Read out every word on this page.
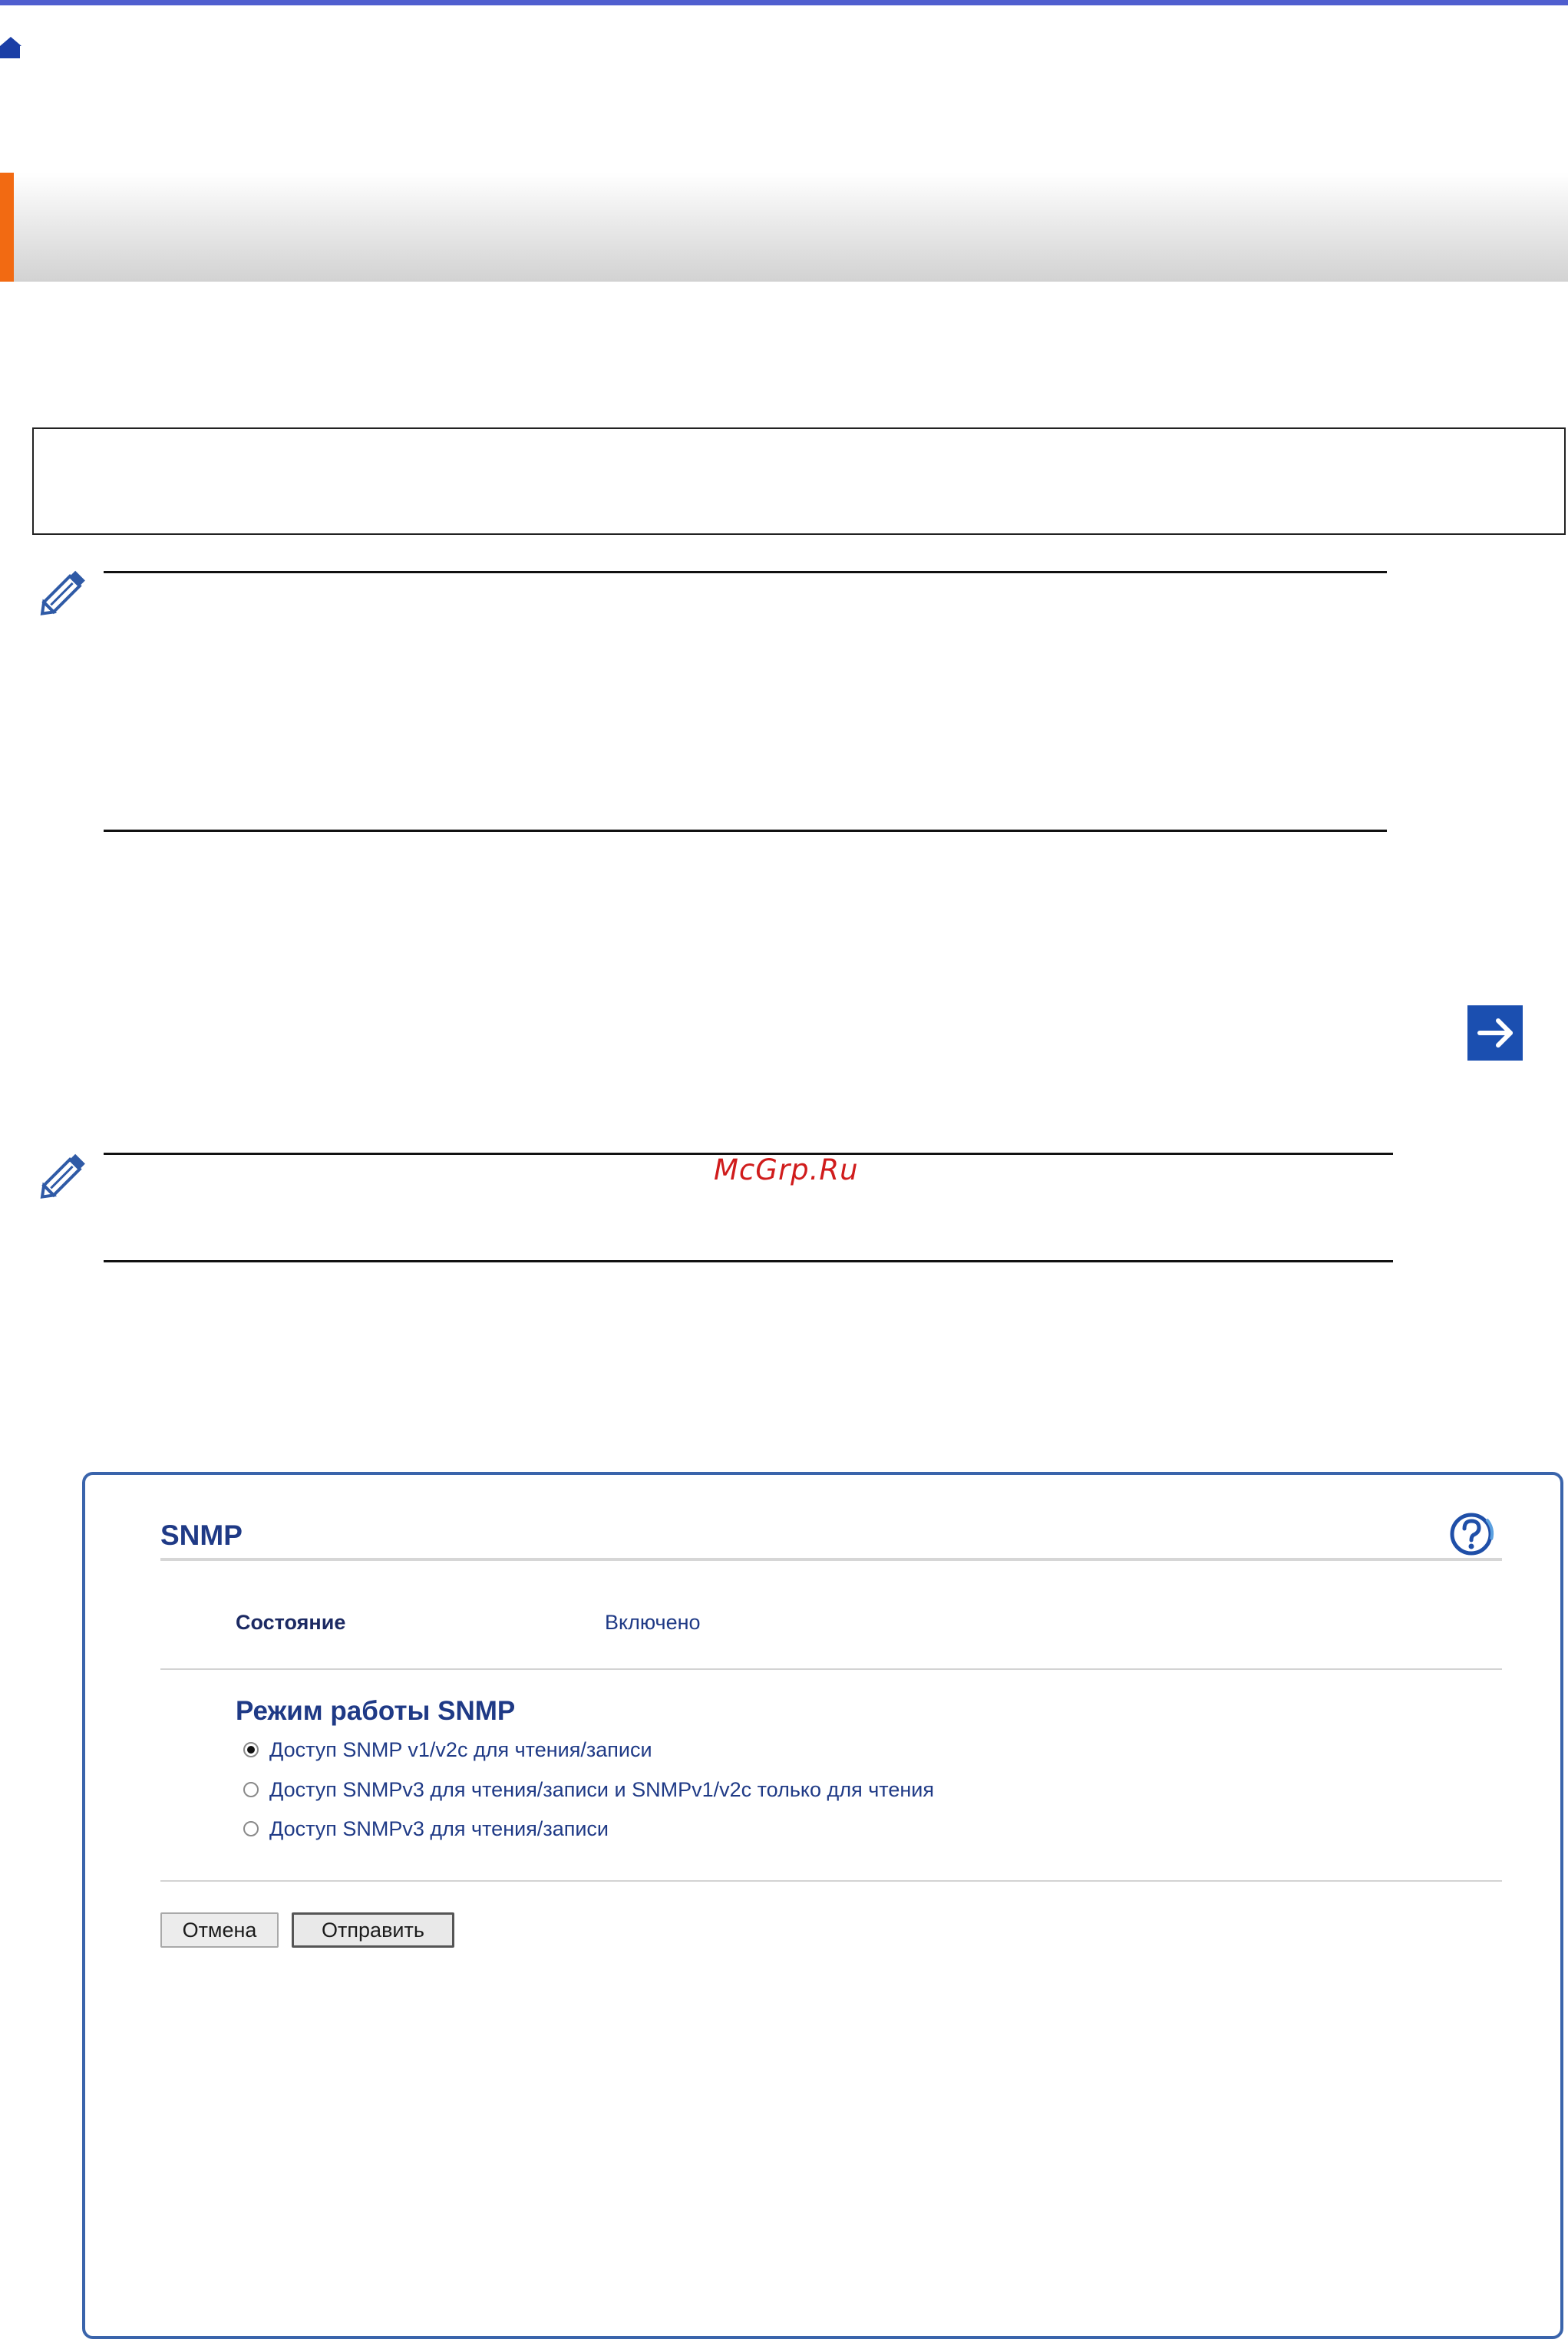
McGrp.Ru
SNMP
Состояние	Включено
Режим работы SNMP
Доступ SNMP v1/v2c для чтения/записи
Доступ SNMPv3 для чтения/записи и SNMPv1/v2c только для чтения
Доступ SNMPv3 для чтения/записи
Отмена	Отправить
